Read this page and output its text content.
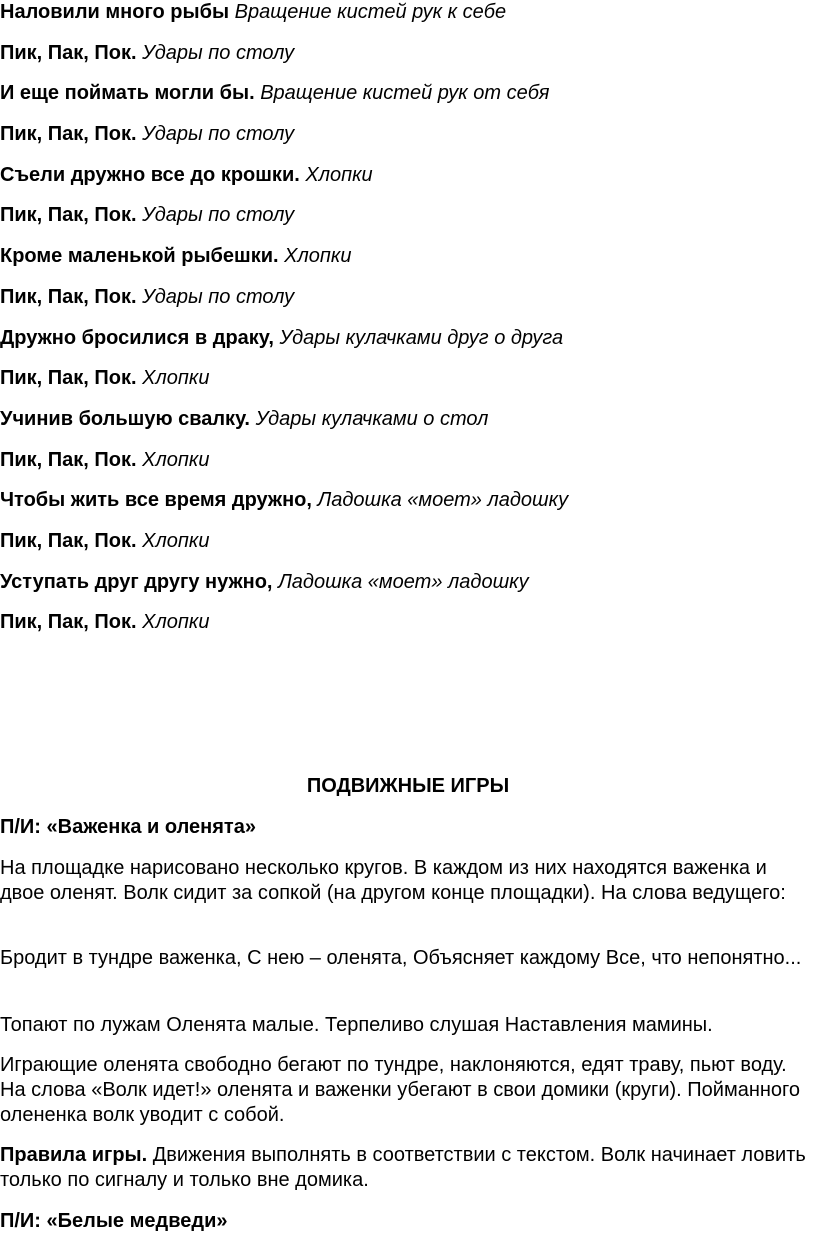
Наловили много рыбы Вращение кистей рук к себе
Пик, Пак, Пок. Удары по столу
И еще поймать могли бы. Вращение кистей рук от себя
Пик, Пак, Пок. Удары по столу
Съели дружно все до крошки. Хлопки
Пик, Пак, Пок. Удары по столу
Кроме маленькой рыбешки. Хлопки
Пик, Пак, Пок. Удары по столу
Дружно бросилися в драку, Удары кулачками друг о друга
Пик, Пак, Пок. Хлопки
Учинив большую свалку. Удары кулачками о стол
Пик, Пак, Пок. Хлопки
Чтобы жить все время дружно, Ладошка «моет» ладошку
Пик, Пак, Пок. Хлопки
Уступать друг другу нужно, Ладошка «моет» ладошку
Пик, Пак, Пок. Хлопки
ПОДВИЖНЫЕ ИГРЫ
П/И: «Важенка и оленята»
На площадке нарисовано несколько кругов. В каждом из них находятся важенка и двое оленят. Волк сидит за сопкой (на другом конце площадки). На слова ведущего:
Бродит в тундре важенка, С нею – оленята, Объясняет каждому Все, что непонятно...
Топают по лужам Оленята малые. Терпеливо слушая Наставления мамины.
Играющие оленята свободно бегают по тундре, наклоняются, едят траву, пьют воду. На слова «Волк идет!» оленята и важенки убегают в свои домики (круги). Пойманного олененка волк уводит с собой.
Правила игры. Движения выполнять в соответствии с текстом. Волк начинает ловить только по сигналу и только вне домика.
П/И: «Белые медведи»
